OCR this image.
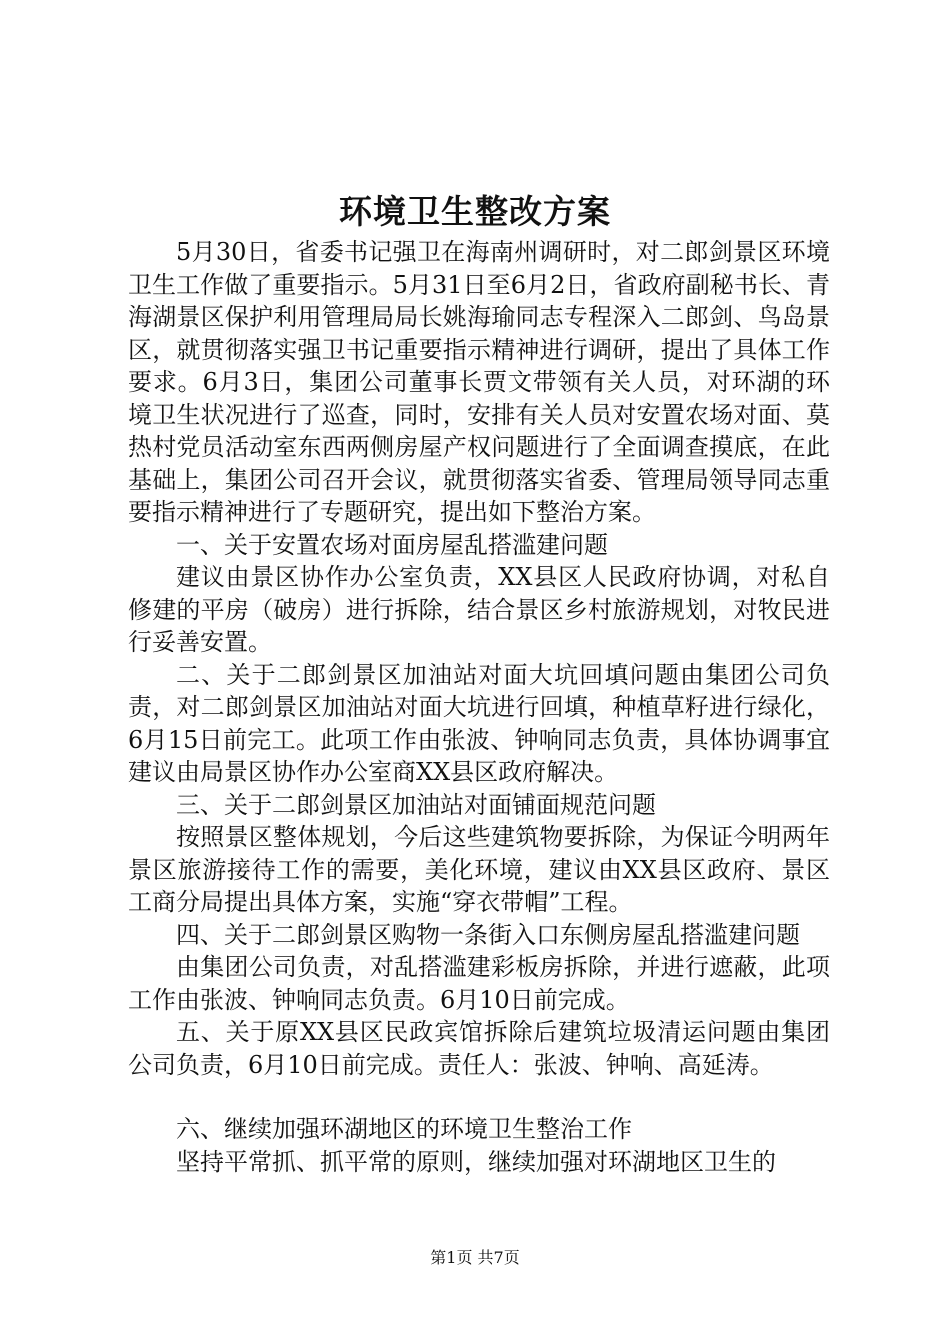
环境卫生整改方案

5月30日，省委书记强卫在海南州调研时，对二郎剑景区环境卫生工作做了重要指示。5月31日至6月2日，省政府副秘书长、青海湖景区保护利用管理局局长姚海瑜同志专程深入二郎剑、鸟岛景区，就贯彻落实强卫书记重要指示精神进行调研，提出了具体工作要求。6月3日，集团公司董事长贾文带领有关人员，对环湖的环境卫生状况进行了巡查，同时，安排有关人员对安置农场对面、莫热村党员活动室东西两侧房屋产权问题进行了全面调查摸底，在此基础上，集团公司召开会议，就贯彻落实省委、管理局领导同志重要指示精神进行了专题研究，提出如下整治方案。

一、关于安置农场对面房屋乱搭滥建问题

建议由景区协作办公室负责，XX县区人民政府协调，对私自修建的平房（破房）进行拆除，结合景区乡村旅游规划，对牧民进行妥善安置。

二、关于二郎剑景区加油站对面大坑回填问题由集团公司负责，对二郎剑景区加油站对面大坑进行回填，种植草籽进行绿化，6月15日前完工。此项工作由张波、钟响同志负责，具体协调事宜建议由局景区协作办公室商XX县区政府解决。

三、关于二郎剑景区加油站对面铺面规范问题

按照景区整体规划，今后这些建筑物要拆除，为保证今明两年景区旅游接待工作的需要，美化环境，建议由XX县区政府、景区工商分局提出具体方案，实施“穿衣带帽”工程。

四、关于二郎剑景区购物一条街入口东侧房屋乱搭滥建问题

由集团公司负责，对乱搭滥建彩板房拆除，并进行遮蔽，此项工作由张波、钟响同志负责。6月10日前完成。

五、关于原XX县区民政宾馆拆除后建筑垃圾清运问题由集团公司负责，6月10日前完成。责任人：张波、钟响、高延涛。

六、继续加强环湖地区的环境卫生整治工作

坚持平常抓、抓平常的原则，继续加强对环湖地区卫生的

第1页 共7页
